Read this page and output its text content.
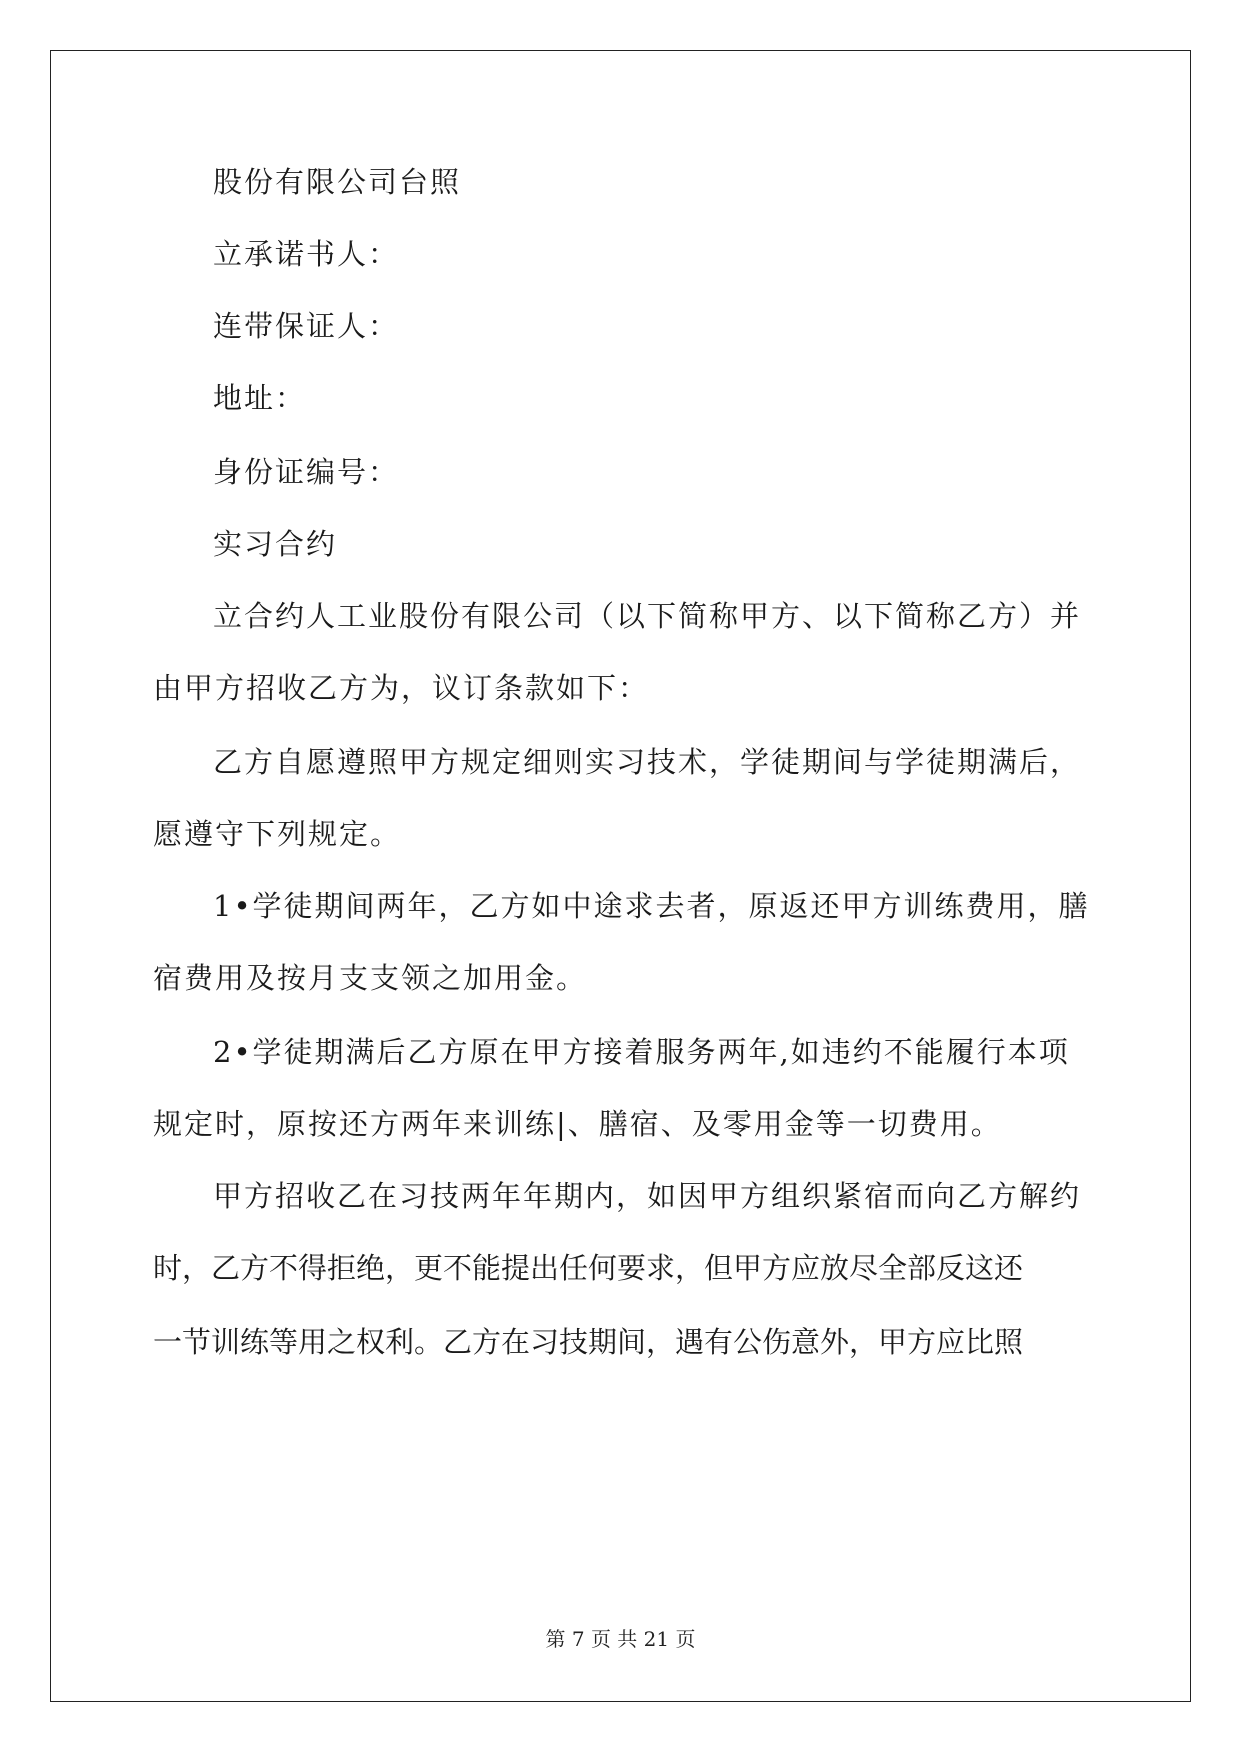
股份有限公司台照
立承诺书人：
连带保证人：
地址：
身份证编号：
实习合约
立合约人工业股份有限公司（以下简称甲方、以下简称乙方）并
由甲方招收乙方为，议订条款如下：
乙方自愿遵照甲方规定细则实习技术，学徒期间与学徒期满后，
愿遵守下列规定。
1•学徒期间两年，乙方如中途求去者，原返还甲方训练费用，膳
宿费用及按月支支领之加用金。
2•学徒期满后乙方原在甲方接着服务两年,如违约不能履行本项
规定时，原按还方两年来训练|、膳宿、及零用金等一切费用。
甲方招收乙在习技两年年期内，如因甲方组织紧宿而向乙方解约
时，乙方不得拒绝，更不能提出任何要求，但甲方应放尽全部反这还
一节训练等用之权利。乙方在习技期间，遇有公伤意外，甲方应比照
第 7 页 共 21 页
